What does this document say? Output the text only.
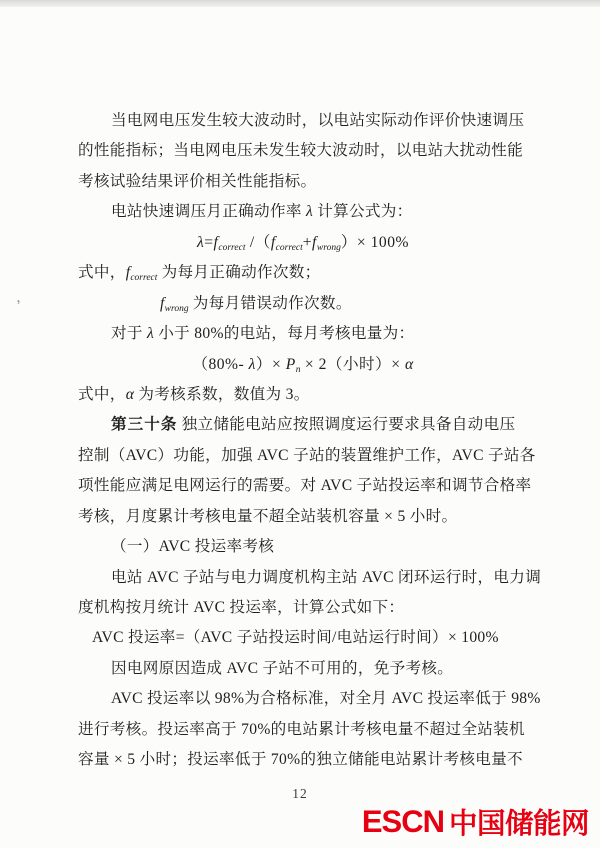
ʼ
当电网电压发生较大波动时，以电站实际动作评价快速调压
的性能指标；当电网电压未发生较大波动时，以电站大扰动性能
考核试验结果评价相关性能指标。
电站快速调压月正确动作率 λ 计算公式为：
$\lambda=f_{correct}$ $/(f_{correct}+f_{wrong})\times 100\%$
式中，$f_{correct}$ 为每月正确动作次数；
$f_{wrong}$ 为每月错误动作次数。
对于 λ 小于 80%的电站，每月考核电量为：
（80%- $\lambda)\times P_n \times 2$（小时）× α
式中，α 为考核系数，数值为 3。
第三十条 独立储能电站应按照调度运行要求具备自动电压
控制（AVC）功能，加强 AVC 子站的装置维护工作，AVC 子站各
项性能应满足电网运行的需要。对 AVC 子站投运率和调节合格率
考核，月度累计考核电量不超全站装机容量 × 5 小时。
（一）AVC 投运率考核
电站 AVC 子站与电力调度机构主站 AVC 闭环运行时，电力调
度机构按月统计 AVC 投运率，计算公式如下：
AVC 投运率=（AVC 子站投运时间/电站运行时间）× 100%
因电网原因造成 AVC 子站不可用的，免予考核。
AVC 投运率以 98%为合格标准，对全月 AVC 投运率低于 98%
进行考核。投运率高于 70%的电站累计考核电量不超过全站装机
容量 × 5 小时；投运率低于 70%的独立储能电站累计考核电量不
12
ESCN 中国储能网
